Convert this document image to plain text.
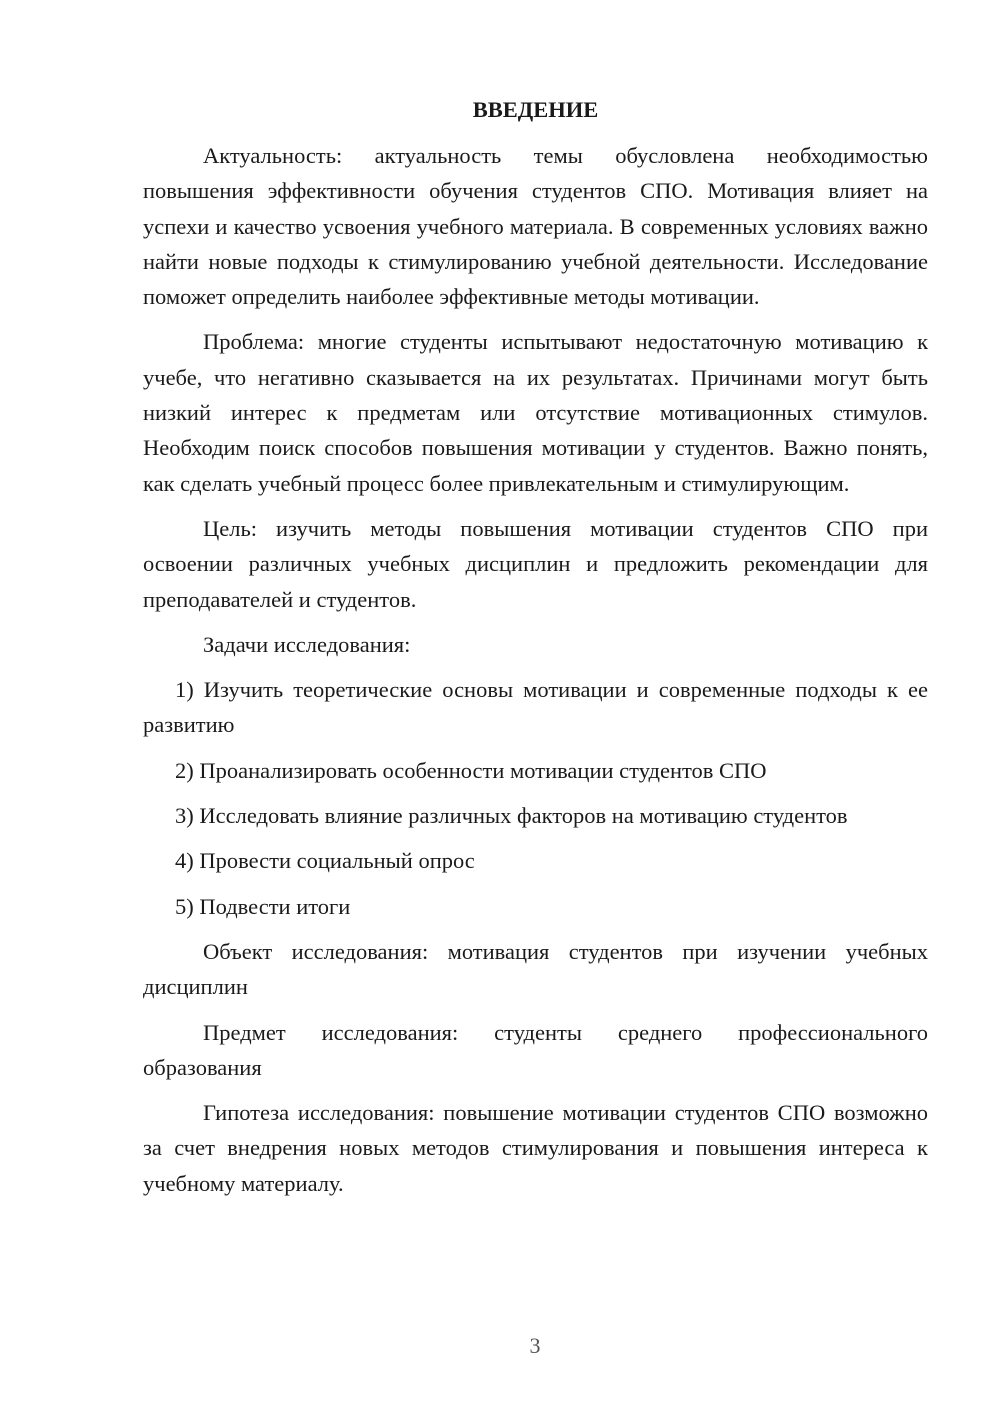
ВВЕДЕНИЕ

Актуальность: актуальность темы обусловлена необходимостью повышения эффективности обучения студентов СПО. Мотивация влияет на успехи и качество усвоения учебного материала. В современных условиях важно найти новые подходы к стимулированию учебной деятельности. Исследование поможет определить наиболее эффективные методы мотивации.

Проблема: многие студенты испытывают недостаточную мотивацию к учебе, что негативно сказывается на их результатах. Причинами могут быть низкий интерес к предметам или отсутствие мотивационных стимулов. Необходим поиск способов повышения мотивации у студентов. Важно понять, как сделать учебный процесс более привлекательным и стимулирующим.

Цель: изучить методы повышения мотивации студентов СПО при освоении различных учебных дисциплин и предложить рекомендации для преподавателей и студентов.

Задачи исследования:

1) Изучить теоретические основы мотивации и современные подходы к ее развитию

2) Проанализировать особенности мотивации студентов СПО

3) Исследовать влияние различных факторов на мотивацию студентов

4) Провести социальный опрос

5) Подвести итоги

Объект исследования: мотивация студентов при изучении учебных дисциплин

Предмет исследования: студенты среднего профессионального образования

Гипотеза исследования: повышение мотивации студентов СПО возможно за счет внедрения новых методов стимулирования и повышения интереса к учебному материалу.

3
